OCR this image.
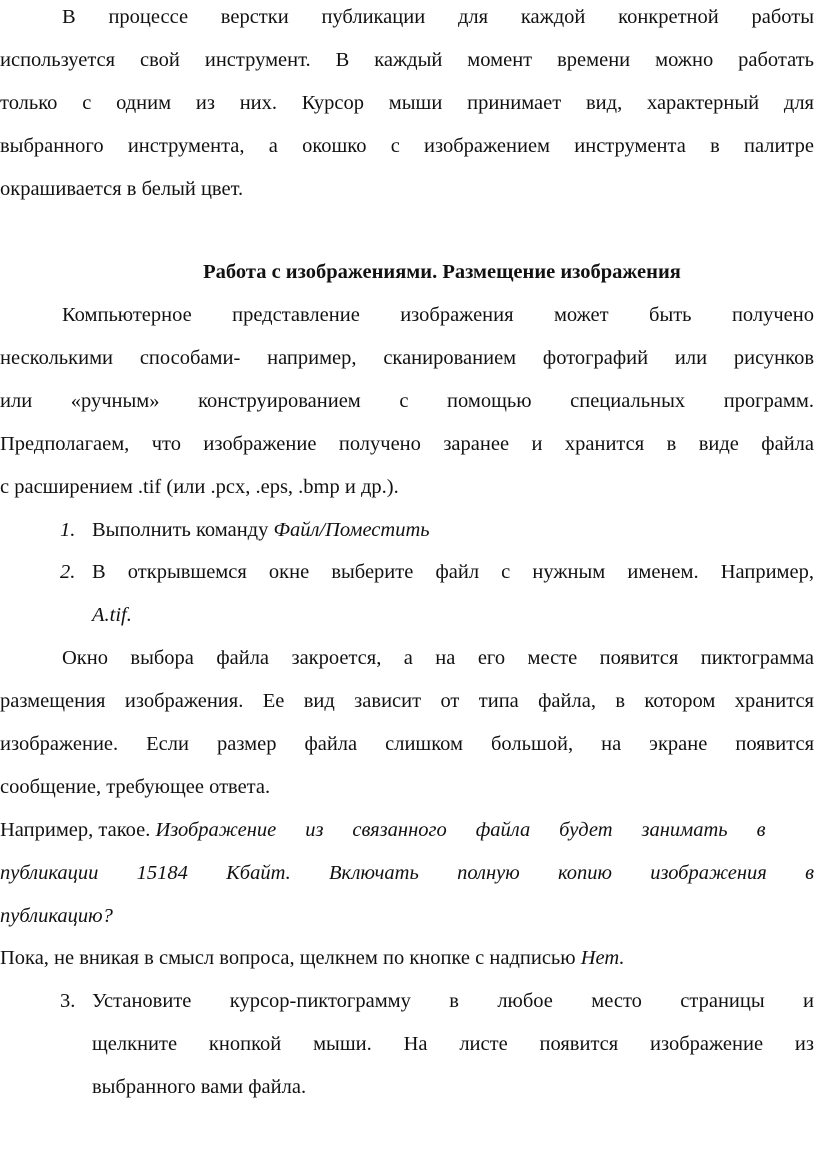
В процессе верстки публикации для каждой конкретной работы
используется свой инструмент. В каждый момент времени можно работать
только с одним из них. Курсор мыши принимает вид, характерный для
выбранного инструмента, а окошко с изображением инструмента в палитре
окрашивается в белый цвет.
Работа с изображениями. Размещение изображения
Компьютерное представление изображения может быть получено
несколькими способами- например, сканированием фотографий или рисунков
или «ручным» конструированием с помощью специальных программ.
Предполагаем, что изображение получено заранее и хранится в виде файла
с расширением .tif (или .pcx, .eps, .bmp и др.).
1. Выполнить команду Файл/Поместить
2. В открывшемся окне выберите файл с нужным именем. Например,
A.tif.
Окно выбора файла закроется, а на его месте появится пиктограмма
размещения изображения. Ее вид зависит от типа файла, в котором хранится
изображение. Если размер файла слишком большой, на экране появится
сообщение, требующее ответа.
Например, такое. Изображение из связанного файла будет занимать в
публикации 15184 Кбайт. Включать полную копию изображения в
публикацию?
Пока, не вникая в смысл вопроса, щелкнем по кнопке с надписью Нет.
3. Установите курсор-пиктограмму в любое место страницы и
щелкните кнопкой мыши. На листе появится изображение из
выбранного вами файла.
